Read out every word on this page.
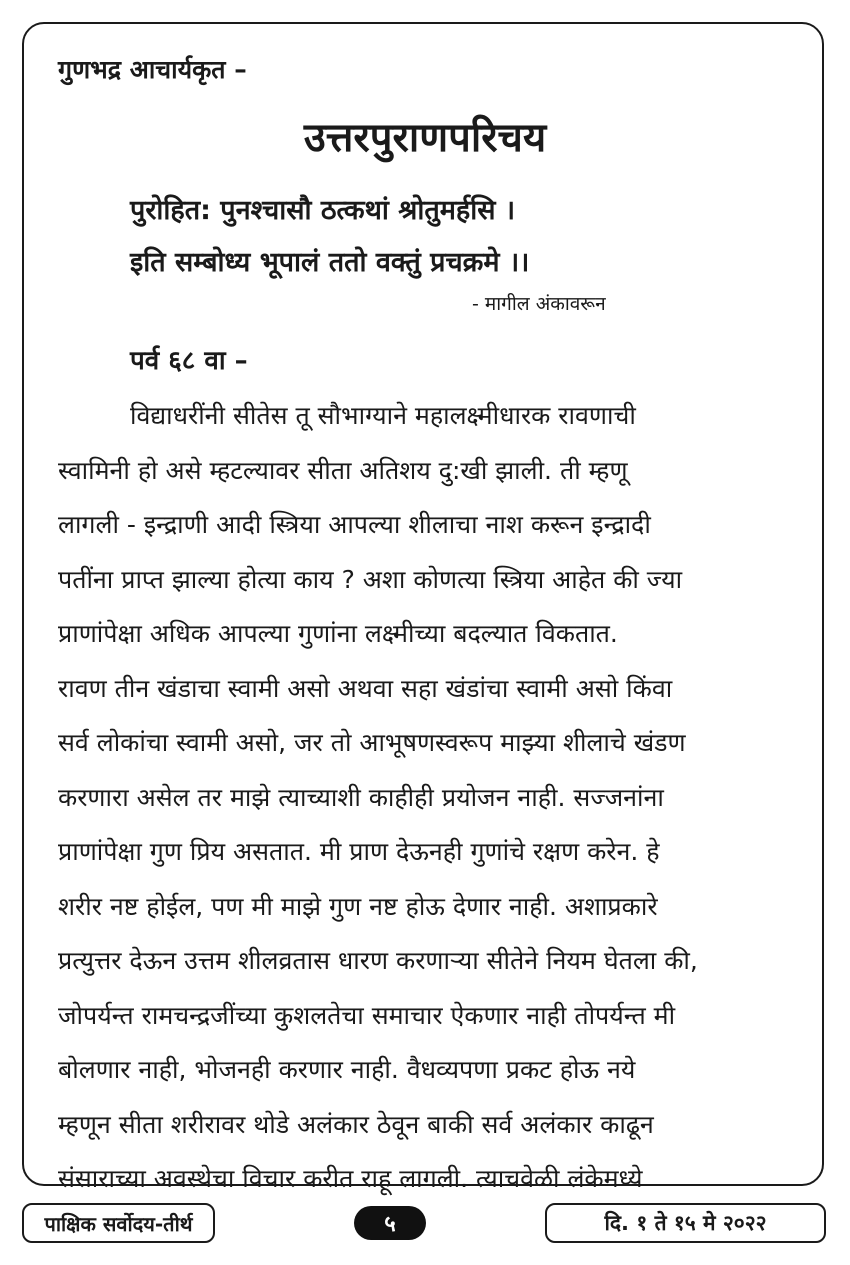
गुणभद्र आचार्यकृत –
उत्तरपुराणपरिचय
पुरोहित: पुनश्चासौ ठत्कथां श्रोतुमर्हसि ।
इति सम्बोध्य भूपालं ततो वक्तुं प्रचक्रमे ।।
- मागील अंकावरून
पर्व ६८ वा –
विद्याधरींनी सीतेस तू सौभाग्याने महालक्ष्मीधारक रावणाची
स्वामिनी हो असे म्हटल्यावर सीता अतिशय दु:खी झाली. ती म्हणू
लागली - इन्द्राणी आदी स्त्रिया आपल्या शीलाचा नाश करून इन्द्रादी
पतींना प्राप्त झाल्या होत्या काय ? अशा कोणत्या स्त्रिया आहेत की ज्या
प्राणांपेक्षा अधिक आपल्या गुणांना लक्ष्मीच्या बदल्यात विकतात.
रावण तीन खंडाचा स्वामी असो अथवा सहा खंडांचा स्वामी असो किंवा
सर्व लोकांचा स्वामी असो, जर तो आभूषणस्वरूप माझ्या शीलाचे खंडण
करणारा असेल तर माझे त्याच्याशी काहीही प्रयोजन नाही. सज्जनांना
प्राणांपेक्षा गुण प्रिय असतात. मी प्राण देऊनही गुणांचे रक्षण करेन. हे
शरीर नष्ट होईल, पण मी माझे गुण नष्ट होऊ देणार नाही. अशाप्रकारे
प्रत्युत्तर देऊन उत्तम शीलव्रतास धारण करणाऱ्या सीतेने नियम घेतला की,
जोपर्यन्त रामचन्द्रजींच्या कुशलतेचा समाचार ऐकणार नाही तोपर्यन्त मी
बोलणार नाही, भोजनही करणार नाही. वैधव्यपणा प्रकट होऊ नये
म्हणून सीता शरीरावर थोडे अलंकार ठेवून बाकी सर्व अलंकार काढून
संसाराच्या अवस्थेचा विचार करीत राहू लागली. त्याचवेळी लंकेमध्ये
पाक्षिक सर्वोदय-तीर्थ	५	दि. १ ते १५ मे २०२२
